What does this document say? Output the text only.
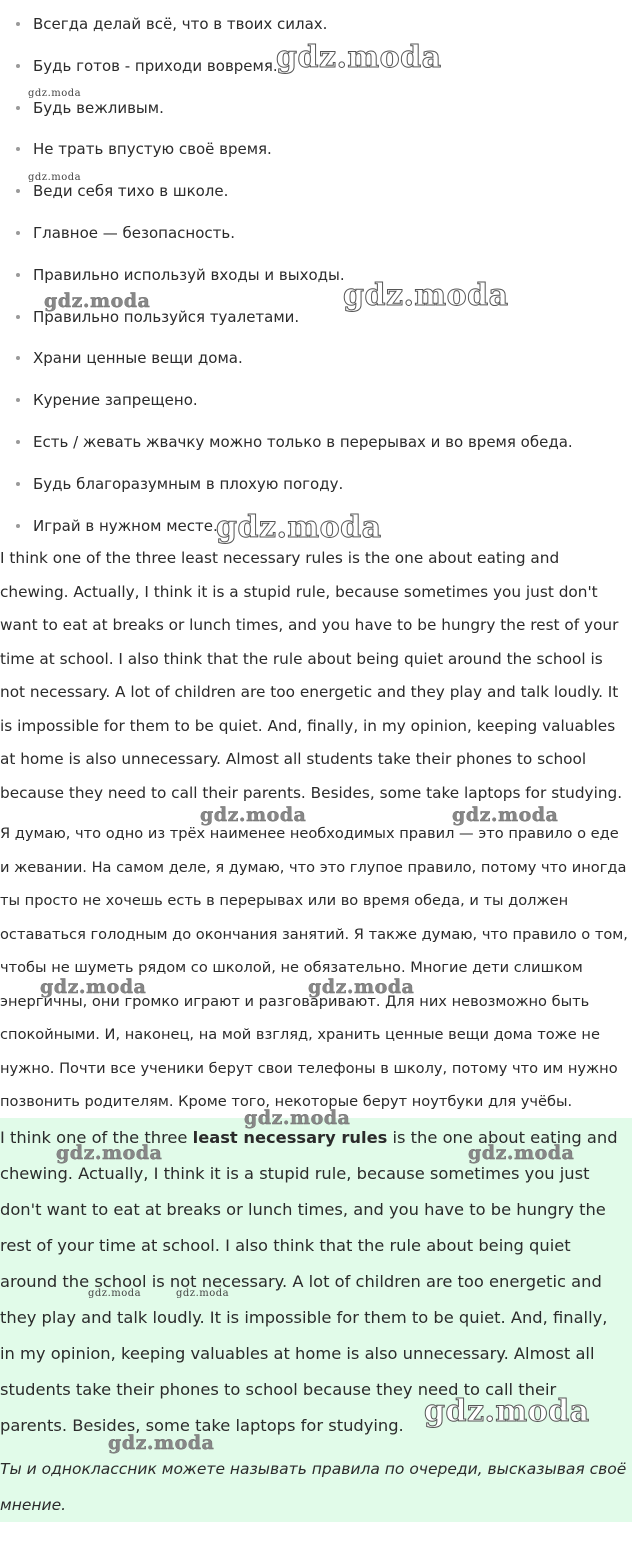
Всегда делай всё, что в твоих силах.
Будь готов - приходи вовремя.
Будь вежливым.
Не трать впустую своё время.
Веди себя тихо в школе.
Главное — безопасность.
Правильно используй входы и выходы.
Правильно пользуйся туалетами.
Храни ценные вещи дома.
Курение запрещено.
Есть / жевать жвачку можно только в перерывах и во время обеда.
Будь благоразумным в плохую погоду.
Играй в нужном месте.

I think one of the three least necessary rules is the one about eating and chewing. Actually, I think it is a stupid rule, because sometimes you just don't want to eat at breaks or lunch times, and you have to be hungry the rest of your time at school. I also think that the rule about being quiet around the school is not necessary. A lot of children are too energetic and they play and talk loudly. It is impossible for them to be quiet. And, finally, in my opinion, keeping valuables at home is also unnecessary. Almost all students take their phones to school because they need to call their parents. Besides, some take laptops for studying.

Я думаю, что одно из трёх наименее необходимых правил — это правило о еде и жевании. На самом деле, я думаю, что это глупое правило, потому что иногда ты просто не хочешь есть в перерывах или во время обеда, и ты должен оставаться голодным до окончания занятий. Я также думаю, что правило о том, чтобы не шуметь рядом со школой, не обязательно. Многие дети слишком энергичны, они громко играют и разговаривают. Для них невозможно быть спокойными. И, наконец, на мой взгляд, хранить ценные вещи дома тоже не нужно. Почти все ученики берут свои телефоны в школу, потому что им нужно позвонить родителям. Кроме того, некоторые берут ноутбуки для учёбы.

I think one of the three least necessary rules is the one about eating and chewing. Actually, I think it is a stupid rule, because sometimes you just don't want to eat at breaks or lunch times, and you have to be hungry the rest of your time at school. I also think that the rule about being quiet around the school is not necessary. A lot of children are too energetic and they play and talk loudly. It is impossible for them to be quiet. And, finally, in my opinion, keeping valuables at home is also unnecessary. Almost all students take their phones to school because they need to call their parents. Besides, some take laptops for studying.

Ты и одноклассник можете называть правила по очереди, высказывая своё мнение.

gdz.moda
gdz.moda
gdz.moda
gdz.moda
gdz.moda
gdz.moda
gdz.moda	gdz.moda
gdz.moda	gdz.moda
gdz.moda
gdz.moda	gdz.moda
gdz.moda	gdz.moda
gdz.moda
gdz.moda
